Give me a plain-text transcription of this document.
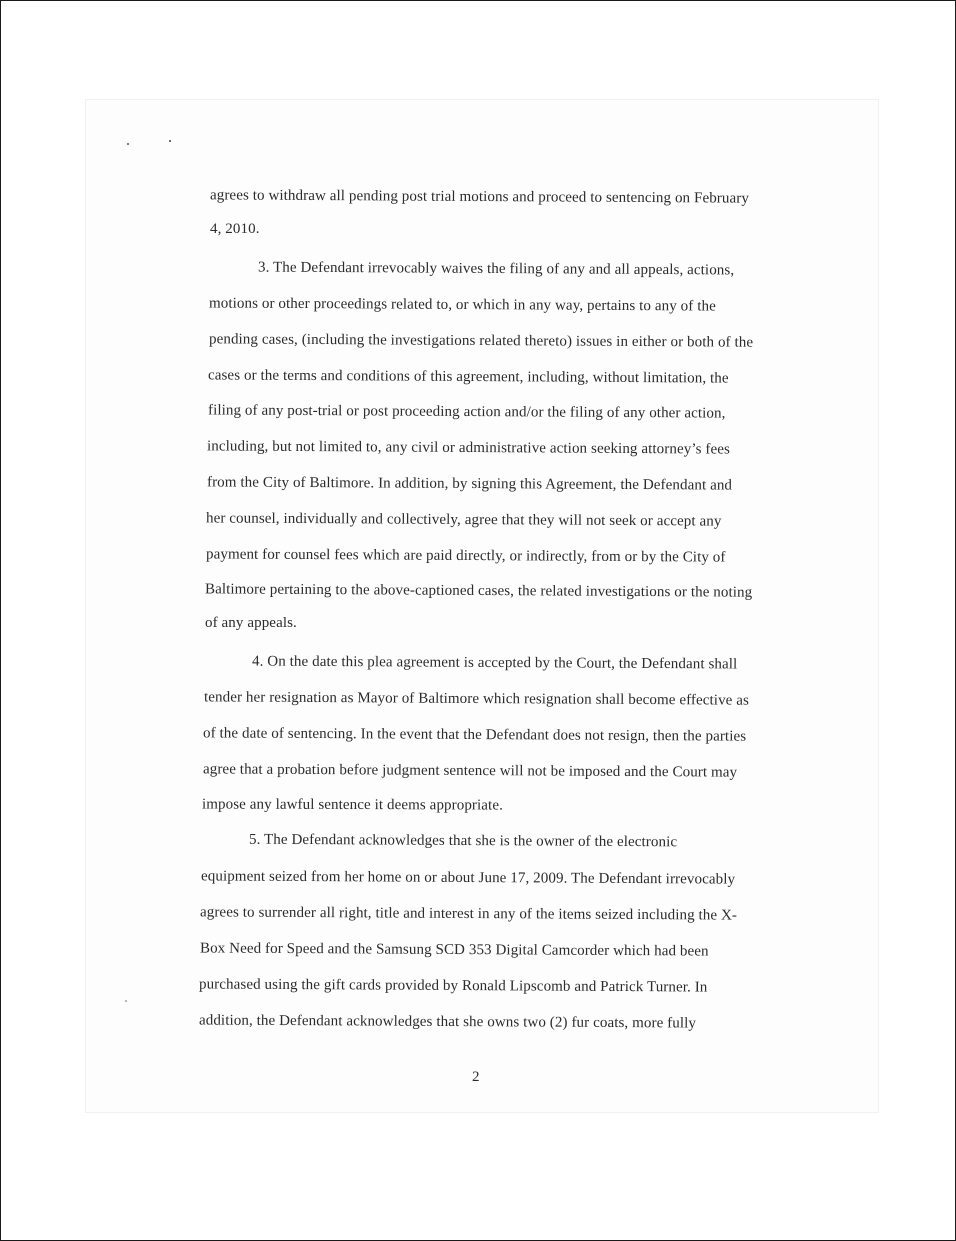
agrees to withdraw all pending post trial motions and proceed to sentencing on February
4, 2010.
3. The Defendant irrevocably waives the filing of any and all appeals, actions,
motions or other proceedings related to, or which in any way, pertains to any of the
pending cases, (including the investigations related thereto) issues in either or both of the
cases or the terms and conditions of this agreement, including, without limitation, the
filing of any post-trial or post proceeding action and/or the filing of any other action,
including, but not limited to, any civil or administrative action seeking attorney’s fees
from the City of Baltimore. In addition, by signing this Agreement, the Defendant and
her counsel, individually and collectively, agree that they will not seek or accept any
payment for counsel fees which are paid directly, or indirectly, from or by the City of
Baltimore pertaining to the above-captioned cases, the related investigations or the noting
of any appeals.
4. On the date this plea agreement is accepted by the Court, the Defendant shall
tender her resignation as Mayor of Baltimore which resignation shall become effective as
of the date of sentencing. In the event that the Defendant does not resign, then the parties
agree that a probation before judgment sentence will not be imposed and the Court may
impose any lawful sentence it deems appropriate.
5. The Defendant acknowledges that she is the owner of the electronic
equipment seized from her home on or about June 17, 2009. The Defendant irrevocably
agrees to surrender all right, title and interest in any of the items seized including the X-
Box Need for Speed and the Samsung SCD 353 Digital Camcorder which had been
purchased using the gift cards provided by Ronald Lipscomb and Patrick Turner. In
addition, the Defendant acknowledges that she owns two (2) fur coats, more fully
2
